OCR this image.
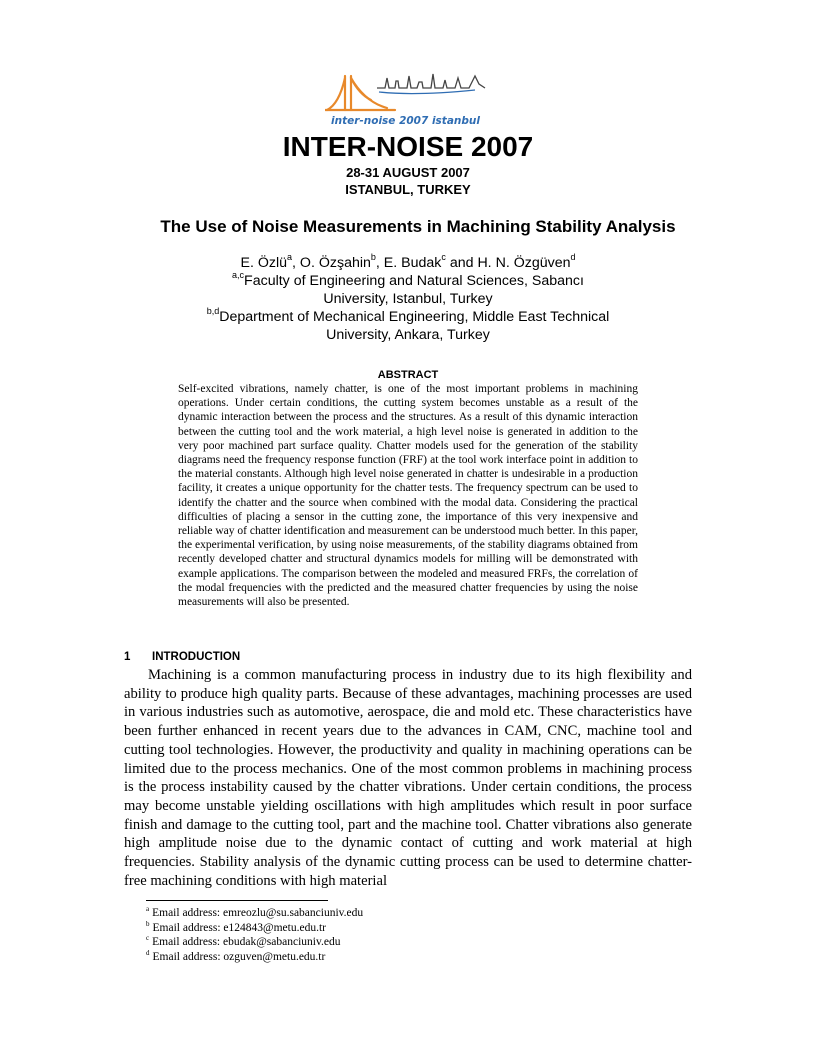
inter-noise 2007 istanbul
INTER-NOISE 2007
28-31 AUGUST 2007
ISTANBUL, TURKEY
The Use of Noise Measurements in Machining Stability Analysis
E. Özlü$^a$, O. Özşahin$^b$, E. Budak$^c$ and H. N. Özgüven$^d$
$^{a,c}$Faculty of Engineering and Natural Sciences, Sabancı
University, Istanbul, Turkey
$^{b,d}$Department of Mechanical Engineering, Middle East Technical
University, Ankara, Turkey
ABSTRACT

Self-excited vibrations, namely chatter, is one of the most important problems in machining operations. Under certain conditions, the cutting system becomes unstable as a result of the dynamic interaction between the process and the structures. As a result of this dynamic interaction between the cutting tool and the work material, a high level noise is generated in addition to the very poor machined part surface quality. Chatter models used for the generation of the stability diagrams need the frequency response function (FRF) at the tool work interface point in addition to the material constants. Although high level noise generated in chatter is undesirable in a production facility, it creates a unique opportunity for the chatter tests. The frequency spectrum can be used to identify the chatter and the source when combined with the modal data. Considering the practical difficulties of placing a sensor in the cutting zone, the importance of this very inexpensive and reliable way of chatter identification and measurement can be understood much better. In this paper, the experimental verification, by using noise measurements, of the stability diagrams obtained from recently developed chatter and structural dynamics models for milling will be demonstrated with example applications. The comparison between the modeled and measured FRFs, the correlation of the modal frequencies with the predicted and the measured chatter frequencies by using the noise measurements will also be presented.

1 INTRODUCTION

Machining is a common manufacturing process in industry due to its high flexibility and ability to produce high quality parts. Because of these advantages, machining processes are used in various industries such as automotive, aerospace, die and mold etc. These characteristics have been further enhanced in recent years due to the advances in CAM, CNC, machine tool and cutting tool technologies. However, the productivity and quality in machining operations can be limited due to the process mechanics. One of the most common problems in machining process is the process instability caused by the chatter vibrations. Under certain conditions, the process may become unstable yielding oscillations with high amplitudes which result in poor surface finish and damage to the cutting tool, part and the machine tool. Chatter vibrations also generate high amplitude noise due to the dynamic contact of cutting and work material at high frequencies. Stability analysis of the dynamic cutting process can be used to determine chatter-free machining conditions with high material

$^a$ Email address: emreozlu@su.sabanciuniv.edu
$^b$ Email address: e124843@metu.edu.tr
$^c$ Email address: ebudak@sabanciuniv.edu
$^d$ Email address: ozguven@metu.edu.tr
